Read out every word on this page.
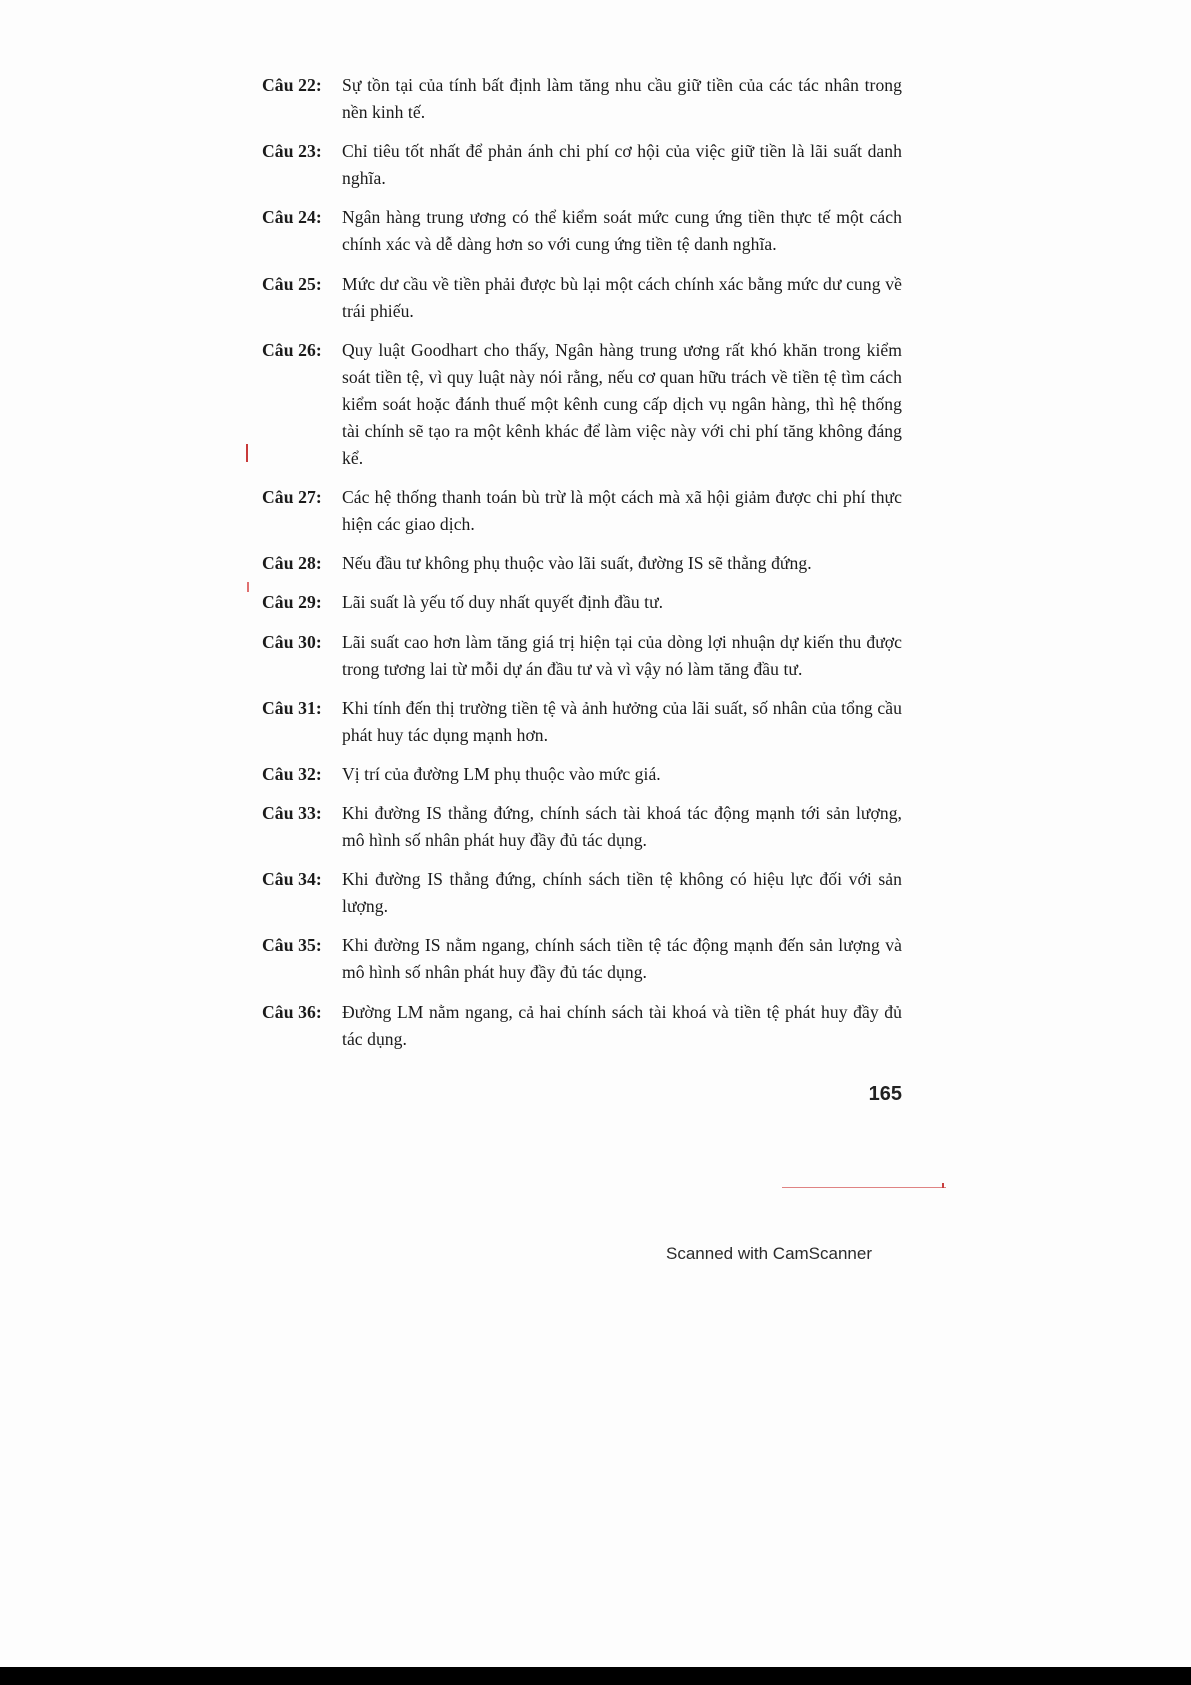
Câu 22:	Sự tồn tại của tính bất định làm tăng nhu cầu giữ tiền của các tác nhân trong nền kinh tế.
Câu 23:	Chỉ tiêu tốt nhất để phản ánh chi phí cơ hội của việc giữ tiền là lãi suất danh nghĩa.
Câu 24:	Ngân hàng trung ương có thể kiểm soát mức cung ứng tiền thực tế một cách chính xác và dễ dàng hơn so với cung ứng tiền tệ danh nghĩa.
Câu 25:	Mức dư cầu về tiền phải được bù lại một cách chính xác bằng mức dư cung về trái phiếu.
Câu 26:	Quy luật Goodhart cho thấy, Ngân hàng trung ương rất khó khăn trong kiểm soát tiền tệ, vì quy luật này nói rằng, nếu cơ quan hữu trách về tiền tệ tìm cách kiểm soát hoặc đánh thuế một kênh cung cấp dịch vụ ngân hàng, thì hệ thống tài chính sẽ tạo ra một kênh khác để làm việc này với chi phí tăng không đáng kể.
Câu 27:	Các hệ thống thanh toán bù trừ là một cách mà xã hội giảm được chi phí thực hiện các giao dịch.
Câu 28:	Nếu đầu tư không phụ thuộc vào lãi suất, đường IS sẽ thẳng đứng.
Câu 29:	Lãi suất là yếu tố duy nhất quyết định đầu tư.
Câu 30:	Lãi suất cao hơn làm tăng giá trị hiện tại của dòng lợi nhuận dự kiến thu được trong tương lai từ mỗi dự án đầu tư và vì vậy nó làm tăng đầu tư.
Câu 31:	Khi tính đến thị trường tiền tệ và ảnh hưởng của lãi suất, số nhân của tổng cầu phát huy tác dụng mạnh hơn.
Câu 32:	Vị trí của đường LM phụ thuộc vào mức giá.
Câu 33:	Khi đường IS thẳng đứng, chính sách tài khoá tác động mạnh tới sản lượng, mô hình số nhân phát huy đầy đủ tác dụng.
Câu 34:	Khi đường IS thẳng đứng, chính sách tiền tệ không có hiệu lực đối với sản lượng.
Câu 35:	Khi đường IS nằm ngang, chính sách tiền tệ tác động mạnh đến sản lượng và mô hình số nhân phát huy đầy đủ tác dụng.
Câu 36:	Đường LM nằm ngang, cả hai chính sách tài khoá và tiền tệ phát huy đầy đủ tác dụng.
165
Scanned with CamScanner
